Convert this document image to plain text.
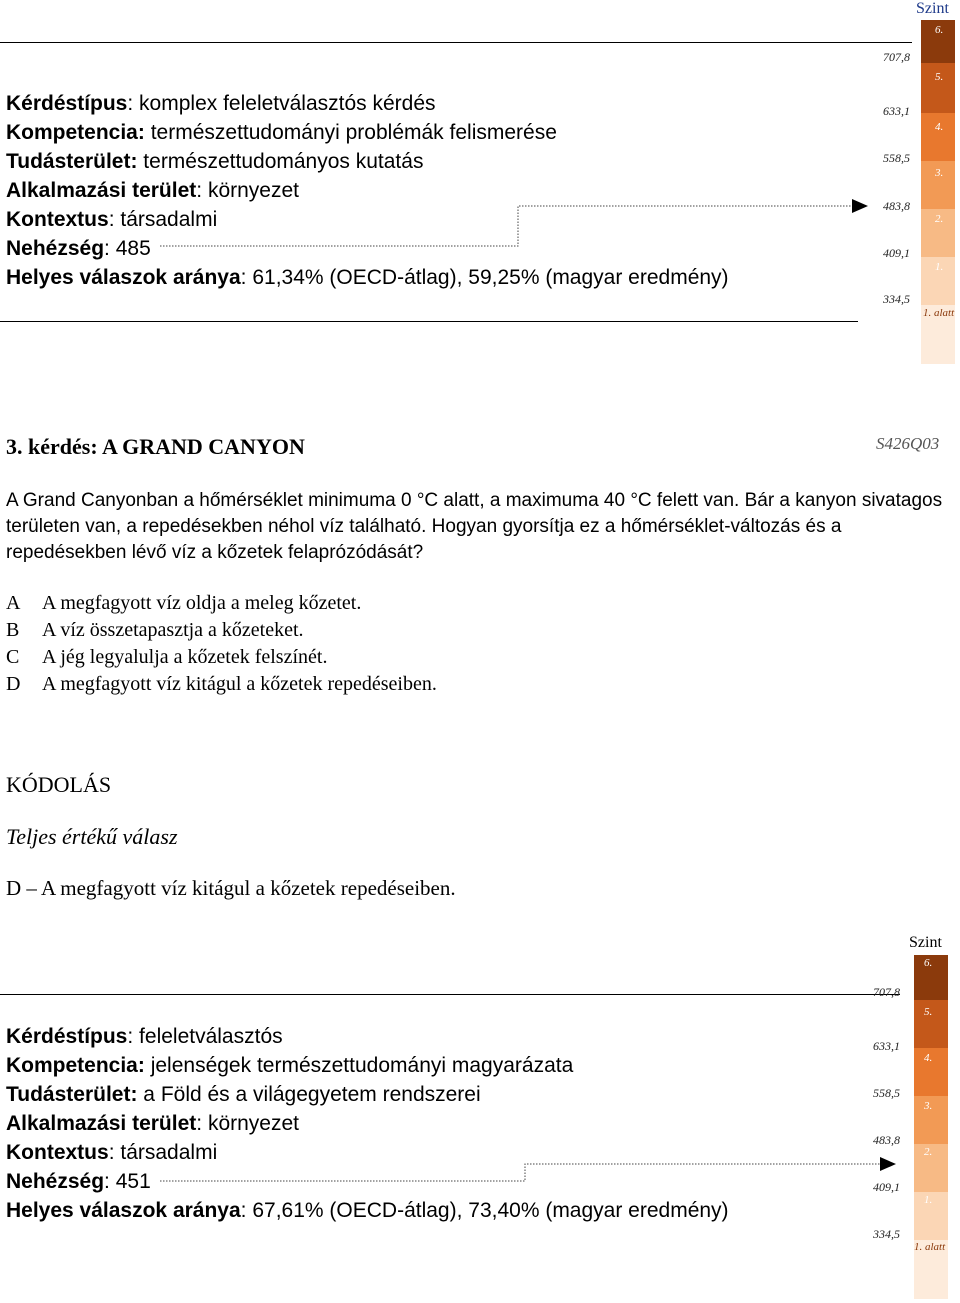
Kérdéstípus: komplex feleletválasztós kérdés
Kompetencia: természettudományi problémák felismerése
Tudásterület: természettudományos kutatás
Alkalmazási terület: környezet
Kontextus: társadalmi
Nehézség: 485
Helyes válaszok aránya: 61,34% (OECD-átlag), 59,25% (magyar eredmény)
Szint
707,8
633,1
558,5
483,8
409,1
334,5
6.
5.
4.
3.
2.
1.
1. alatt
3. kérdés: A GRAND CANYON	S426Q03
A Grand Canyonban a hőmérséklet minimuma 0 °C alatt, a maximuma 40 °C felett van. Bár a kanyon sivatagos területen van, a repedésekben néhol víz található. Hogyan gyorsítja ez a hőmérséklet-változás és a repedésekben lévő víz a kőzetek felaprózódását?
A A megfagyott víz oldja a meleg kőzetet.
B A víz összetapasztja a kőzeteket.
C A jég legyalulja a kőzetek felszínét.
D A megfagyott víz kitágul a kőzetek repedéseiben.
KÓDOLÁS
Teljes értékű válasz
D – A megfagyott víz kitágul a kőzetek repedéseiben.
Kérdéstípus: feleletválasztós
Kompetencia: jelenségek természettudományi magyarázata
Tudásterület: a Föld és a világegyetem rendszerei
Alkalmazási terület: környezet
Kontextus: társadalmi
Nehézség: 451
Helyes válaszok aránya: 67,61% (OECD-átlag), 73,40% (magyar eredmény)
Szint
707,8
633,1
558,5
483,8
409,1
334,5
6.
5.
4.
3.
2.
1.
1. alatt
